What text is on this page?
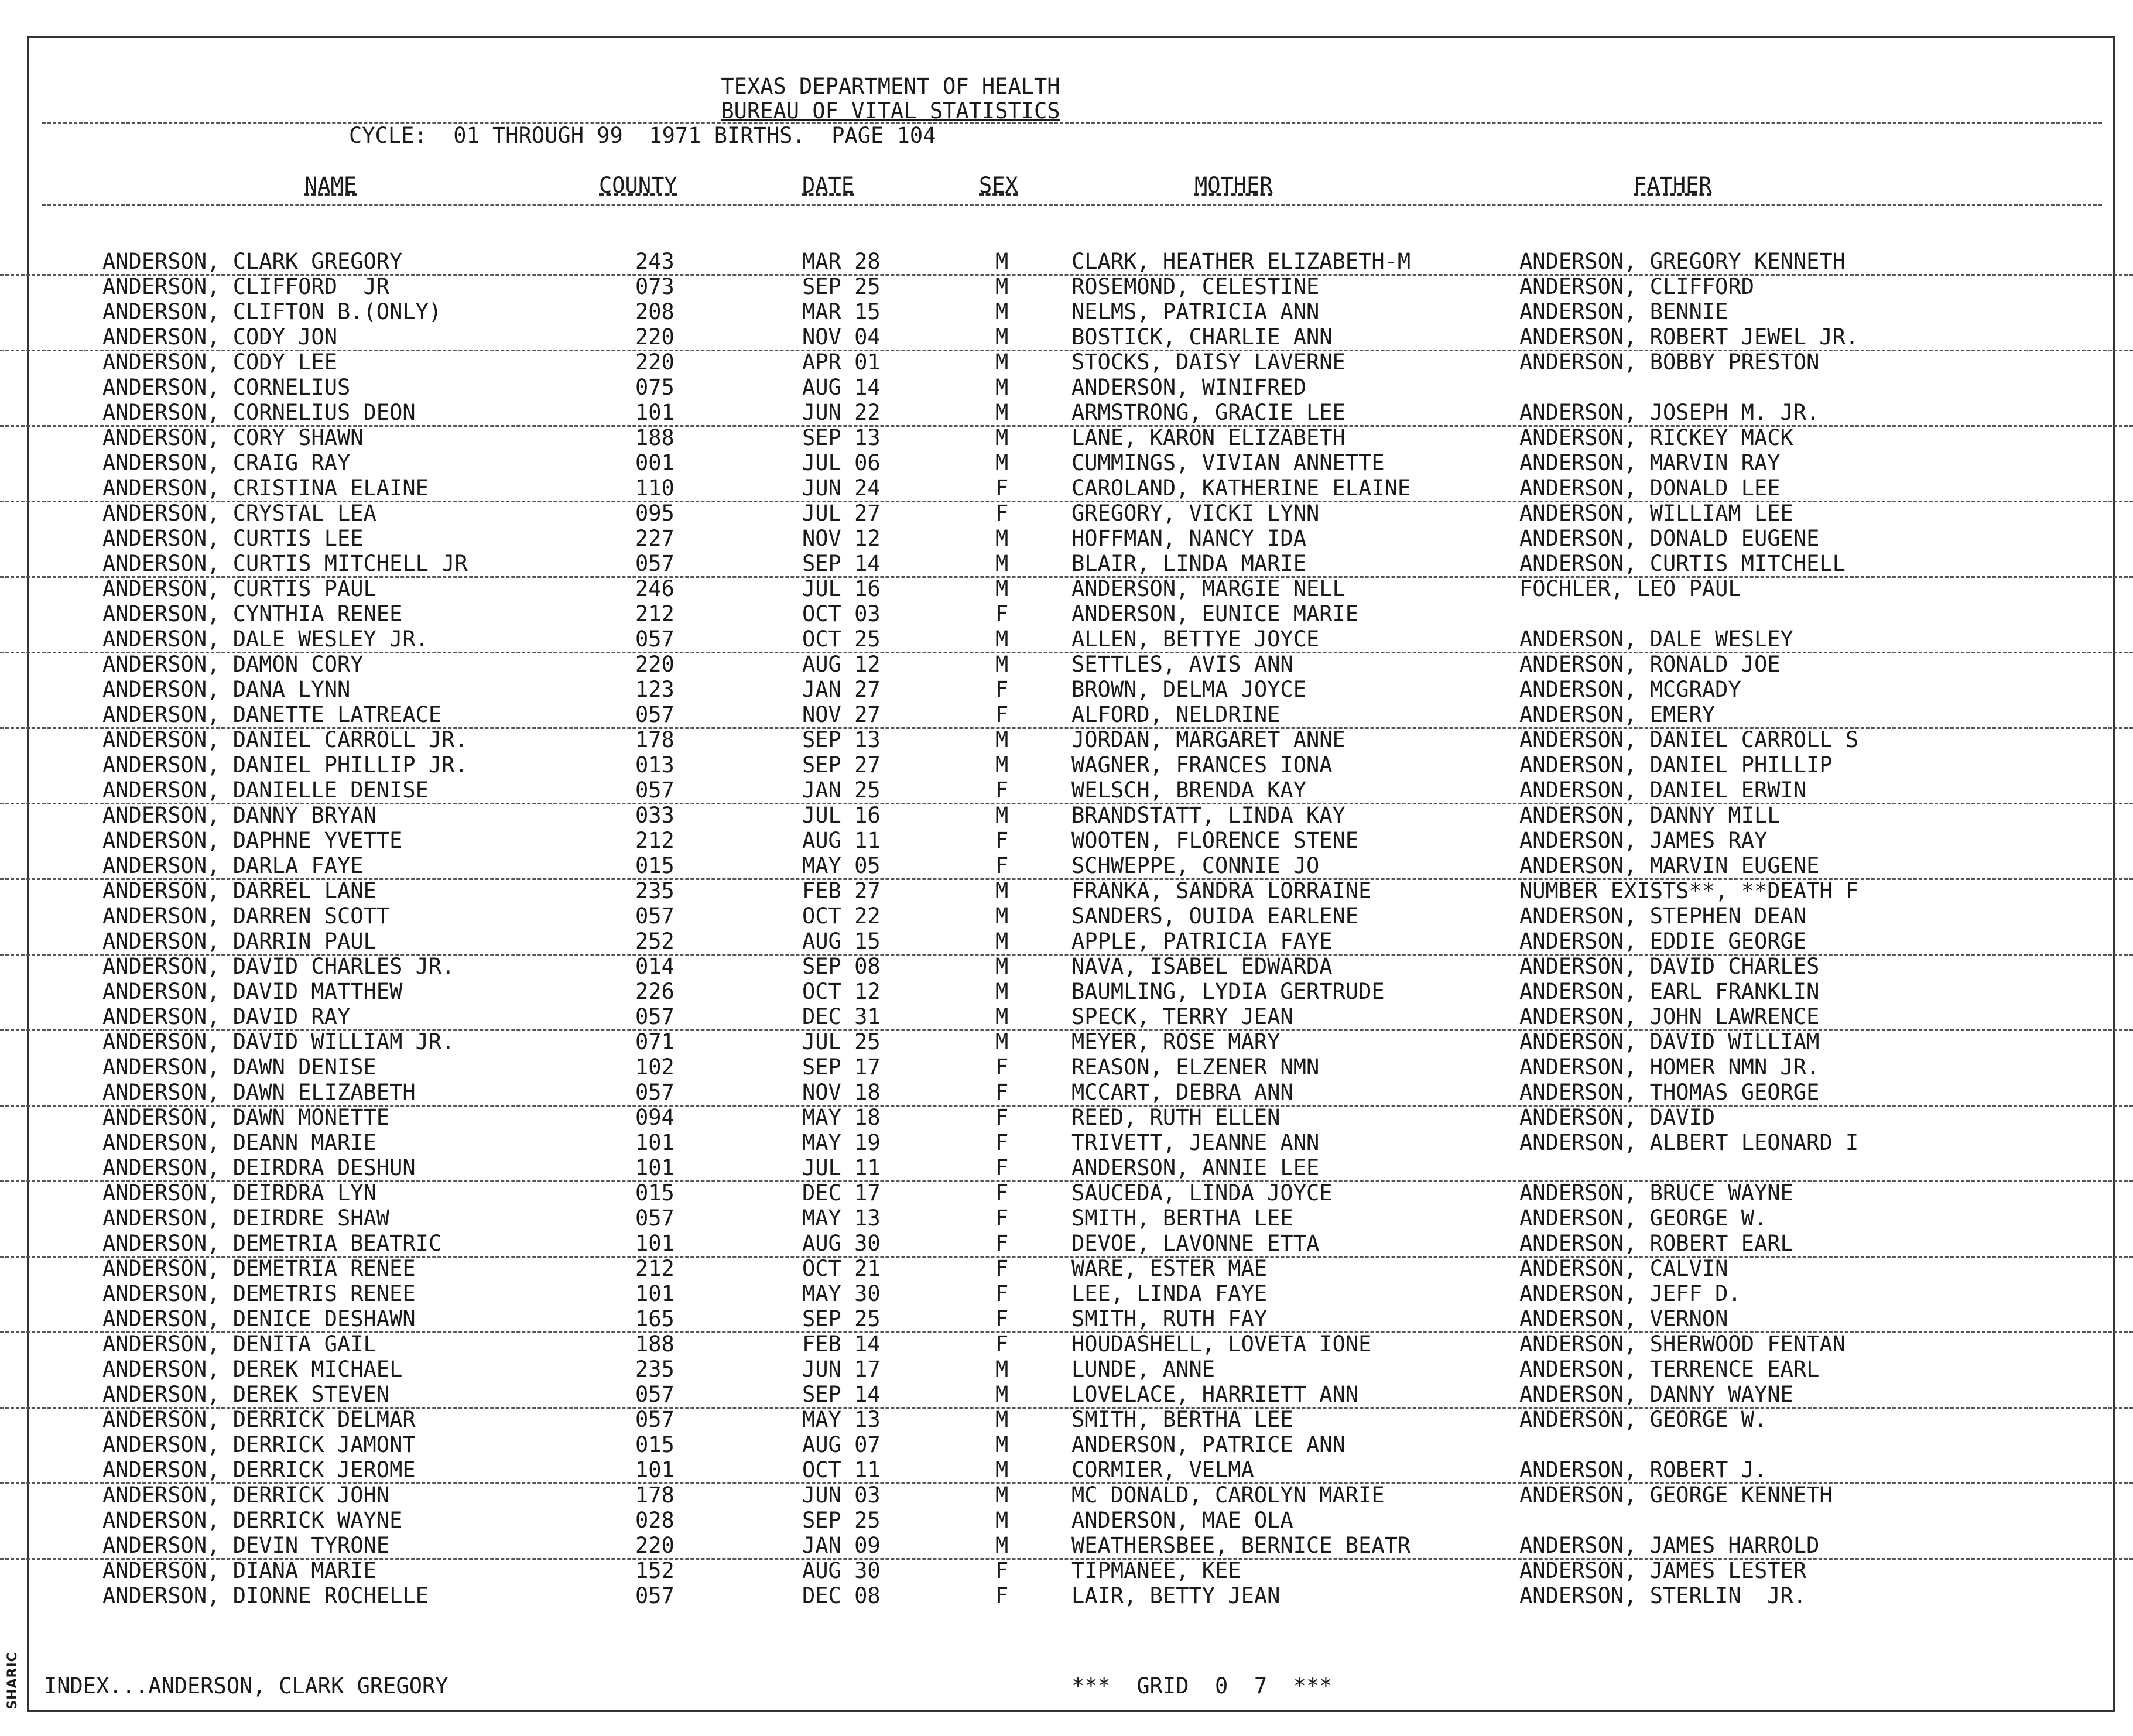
SHARIC
TEXAS DEPARTMENT OF HEALTH
BUREAU OF VITAL STATISTICS
CYCLE:  01 THROUGH 99  1971 BIRTHS.  PAGE 104
NAME	COUNTY	DATE	SEX	MOTHER	FATHER
ANDERSON, CLARK GREGORY	243	MAR 28	M	CLARK, HEATHER ELIZABETH-M	ANDERSON, GREGORY KENNETH
ANDERSON, CLIFFORD  JR	073	SEP 25	M	ROSEMOND, CELESTINE	ANDERSON, CLIFFORD
ANDERSON, CLIFTON B.(ONLY)	208	MAR 15	M	NELMS, PATRICIA ANN	ANDERSON, BENNIE
ANDERSON, CODY JON	220	NOV 04	M	BOSTICK, CHARLIE ANN	ANDERSON, ROBERT JEWEL JR.
ANDERSON, CODY LEE	220	APR 01	M	STOCKS, DAISY LAVERNE	ANDERSON, BOBBY PRESTON
ANDERSON, CORNELIUS	075	AUG 14	M	ANDERSON, WINIFRED
ANDERSON, CORNELIUS DEON	101	JUN 22	M	ARMSTRONG, GRACIE LEE	ANDERSON, JOSEPH M. JR.
ANDERSON, CORY SHAWN	188	SEP 13	M	LANE, KARON ELIZABETH	ANDERSON, RICKEY MACK
ANDERSON, CRAIG RAY	001	JUL 06	M	CUMMINGS, VIVIAN ANNETTE	ANDERSON, MARVIN RAY
ANDERSON, CRISTINA ELAINE	110	JUN 24	F	CAROLAND, KATHERINE ELAINE	ANDERSON, DONALD LEE
ANDERSON, CRYSTAL LEA	095	JUL 27	F	GREGORY, VICKI LYNN	ANDERSON, WILLIAM LEE
ANDERSON, CURTIS LEE	227	NOV 12	M	HOFFMAN, NANCY IDA	ANDERSON, DONALD EUGENE
ANDERSON, CURTIS MITCHELL JR	057	SEP 14	M	BLAIR, LINDA MARIE	ANDERSON, CURTIS MITCHELL
ANDERSON, CURTIS PAUL	246	JUL 16	M	ANDERSON, MARGIE NELL	FOCHLER, LEO PAUL
ANDERSON, CYNTHIA RENEE	212	OCT 03	F	ANDERSON, EUNICE MARIE
ANDERSON, DALE WESLEY JR.	057	OCT 25	M	ALLEN, BETTYE JOYCE	ANDERSON, DALE WESLEY
ANDERSON, DAMON CORY	220	AUG 12	M	SETTLES, AVIS ANN	ANDERSON, RONALD JOE
ANDERSON, DANA LYNN	123	JAN 27	F	BROWN, DELMA JOYCE	ANDERSON, MCGRADY
ANDERSON, DANETTE LATREACE	057	NOV 27	F	ALFORD, NELDRINE	ANDERSON, EMERY
ANDERSON, DANIEL CARROLL JR.	178	SEP 13	M	JORDAN, MARGARET ANNE	ANDERSON, DANIEL CARROLL S
ANDERSON, DANIEL PHILLIP JR.	013	SEP 27	M	WAGNER, FRANCES IONA	ANDERSON, DANIEL PHILLIP
ANDERSON, DANIELLE DENISE	057	JAN 25	F	WELSCH, BRENDA KAY	ANDERSON, DANIEL ERWIN
ANDERSON, DANNY BRYAN	033	JUL 16	M	BRANDSTATT, LINDA KAY	ANDERSON, DANNY MILL
ANDERSON, DAPHNE YVETTE	212	AUG 11	F	WOOTEN, FLORENCE STENE	ANDERSON, JAMES RAY
ANDERSON, DARLA FAYE	015	MAY 05	F	SCHWEPPE, CONNIE JO	ANDERSON, MARVIN EUGENE
ANDERSON, DARREL LANE	235	FEB 27	M	FRANKA, SANDRA LORRAINE	NUMBER EXISTS**, **DEATH F
ANDERSON, DARREN SCOTT	057	OCT 22	M	SANDERS, OUIDA EARLENE	ANDERSON, STEPHEN DEAN
ANDERSON, DARRIN PAUL	252	AUG 15	M	APPLE, PATRICIA FAYE	ANDERSON, EDDIE GEORGE
ANDERSON, DAVID CHARLES JR.	014	SEP 08	M	NAVA, ISABEL EDWARDA	ANDERSON, DAVID CHARLES
ANDERSON, DAVID MATTHEW	226	OCT 12	M	BAUMLING, LYDIA GERTRUDE	ANDERSON, EARL FRANKLIN
ANDERSON, DAVID RAY	057	DEC 31	M	SPECK, TERRY JEAN	ANDERSON, JOHN LAWRENCE
ANDERSON, DAVID WILLIAM JR.	071	JUL 25	M	MEYER, ROSE MARY	ANDERSON, DAVID WILLIAM
ANDERSON, DAWN DENISE	102	SEP 17	F	REASON, ELZENER NMN	ANDERSON, HOMER NMN JR.
ANDERSON, DAWN ELIZABETH	057	NOV 18	F	MCCART, DEBRA ANN	ANDERSON, THOMAS GEORGE
ANDERSON, DAWN MONETTE	094	MAY 18	F	REED, RUTH ELLEN	ANDERSON, DAVID
ANDERSON, DEANN MARIE	101	MAY 19	F	TRIVETT, JEANNE ANN	ANDERSON, ALBERT LEONARD I
ANDERSON, DEIRDRA DESHUN	101	JUL 11	F	ANDERSON, ANNIE LEE
ANDERSON, DEIRDRA LYN	015	DEC 17	F	SAUCEDA, LINDA JOYCE	ANDERSON, BRUCE WAYNE
ANDERSON, DEIRDRE SHAW	057	MAY 13	F	SMITH, BERTHA LEE	ANDERSON, GEORGE W.
ANDERSON, DEMETRIA BEATRIC	101	AUG 30	F	DEVOE, LAVONNE ETTA	ANDERSON, ROBERT EARL
ANDERSON, DEMETRIA RENEE	212	OCT 21	F	WARE, ESTER MAE	ANDERSON, CALVIN
ANDERSON, DEMETRIS RENEE	101	MAY 30	F	LEE, LINDA FAYE	ANDERSON, JEFF D.
ANDERSON, DENICE DESHAWN	165	SEP 25	F	SMITH, RUTH FAY	ANDERSON, VERNON
ANDERSON, DENITA GAIL	188	FEB 14	F	HOUDASHELL, LOVETA IONE	ANDERSON, SHERWOOD FENTAN
ANDERSON, DEREK MICHAEL	235	JUN 17	M	LUNDE, ANNE	ANDERSON, TERRENCE EARL
ANDERSON, DEREK STEVEN	057	SEP 14	M	LOVELACE, HARRIETT ANN	ANDERSON, DANNY WAYNE
ANDERSON, DERRICK DELMAR	057	MAY 13	M	SMITH, BERTHA LEE	ANDERSON, GEORGE W.
ANDERSON, DERRICK JAMONT	015	AUG 07	M	ANDERSON, PATRICE ANN
ANDERSON, DERRICK JEROME	101	OCT 11	M	CORMIER, VELMA	ANDERSON, ROBERT J.
ANDERSON, DERRICK JOHN	178	JUN 03	M	MC DONALD, CAROLYN MARIE	ANDERSON, GEORGE KENNETH
ANDERSON, DERRICK WAYNE	028	SEP 25	M	ANDERSON, MAE OLA
ANDERSON, DEVIN TYRONE	220	JAN 09	M	WEATHERSBEE, BERNICE BEATR	ANDERSON, JAMES HARROLD
ANDERSON, DIANA MARIE	152	AUG 30	F	TIPMANEE, KEE	ANDERSON, JAMES LESTER
ANDERSON, DIONNE ROCHELLE	057	DEC 08	F	LAIR, BETTY JEAN	ANDERSON, STERLIN  JR.
INDEX...ANDERSON, CLARK GREGORY	***  GRID  0  7  ***
